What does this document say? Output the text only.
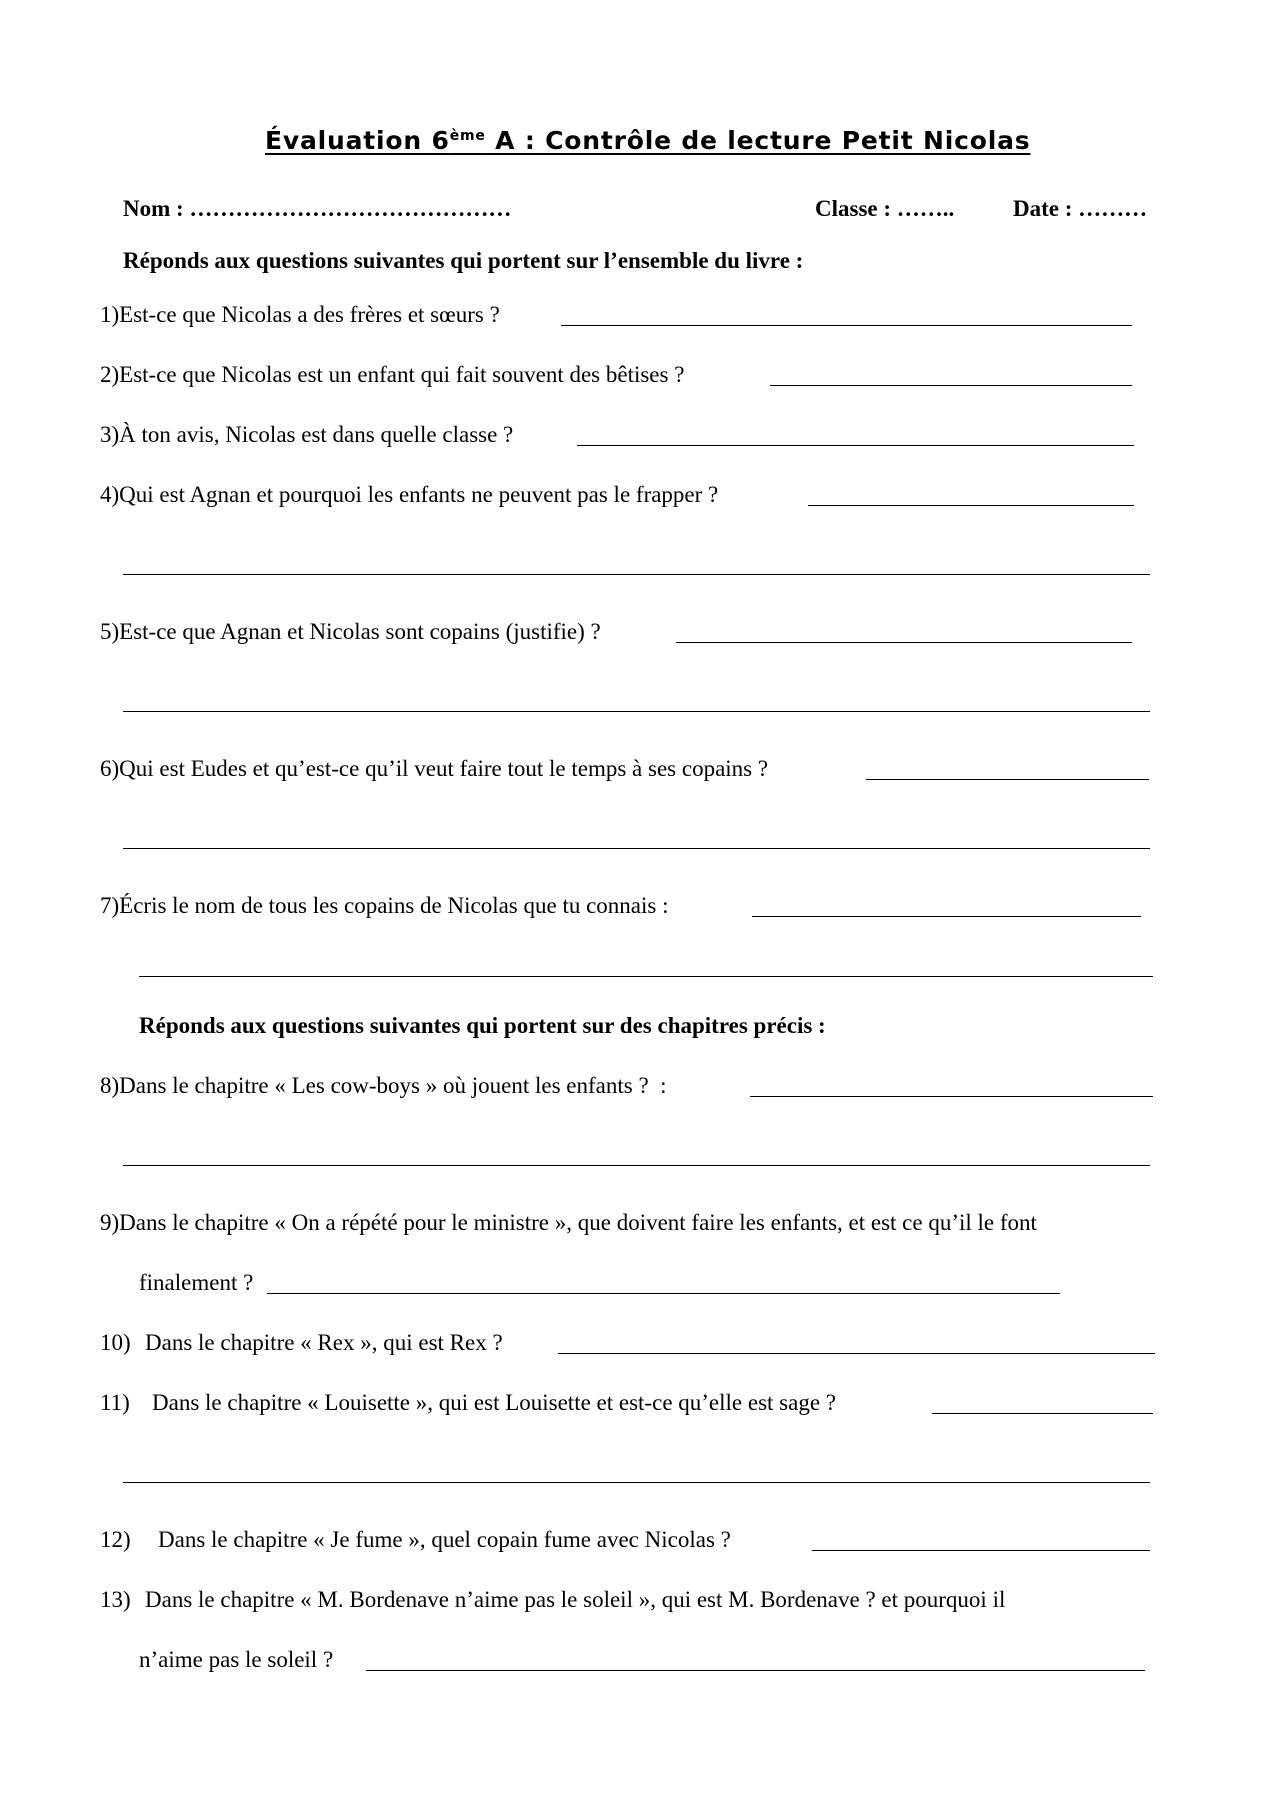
Évaluation 6ème A : Contrôle de lecture Petit Nicolas
Nom : ……………………………………	Classe : ……..	Date : ………
Réponds aux questions suivantes qui portent sur l’ensemble du livre :
1)Est-ce que Nicolas a des frères et sœurs ?
2)Est-ce que Nicolas est un enfant qui fait souvent des bêtises ?
3)À ton avis, Nicolas est dans quelle classe ?
4)Qui est Agnan et pourquoi les enfants ne peuvent pas le frapper ?
5)Est-ce que Agnan et Nicolas sont copains (justifie) ?
6)Qui est Eudes et qu’est-ce qu’il veut faire tout le temps à ses copains ?
7)Écris le nom de tous les copains de Nicolas que tu connais :
Réponds aux questions suivantes qui portent sur des chapitres précis :
8)Dans le chapitre « Les cow-boys » où jouent les enfants ?  :
9)Dans le chapitre « On a répété pour le ministre », que doivent faire les enfants, et est ce qu’il le font
finalement ?
10) Dans le chapitre « Rex », qui est Rex ?
11) Dans le chapitre « Louisette », qui est Louisette et est-ce qu’elle est sage ?
12) Dans le chapitre « Je fume », quel copain fume avec Nicolas ?
13) Dans le chapitre « M. Bordenave n’aime pas le soleil », qui est M. Bordenave ? et pourquoi il
n’aime pas le soleil ?
